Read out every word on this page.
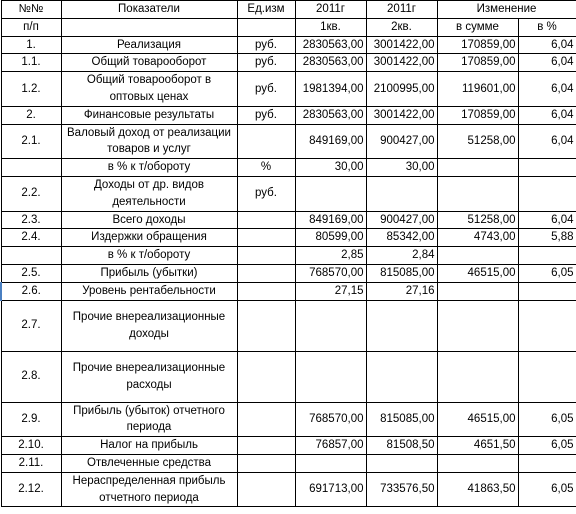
№№	Показатели	Ед.изм	2011г	2011г	Изменение	
п/п			1кв.	2кв.	в сумме	в %
1.	Реализация	руб.	2830563,00	3001422,00	170859,00	6,04
1.1.	Общий товарооборот	руб.	2830563,00	3001422,00	170859,00	6,04
1.2.	Общий товарооборот в оптовых ценах	руб.	1981394,00	2100995,00	119601,00	6,04
2.	Финансовые результаты	руб.	2830563,00	3001422,00	170859,00	6,04
2.1.	Валовый доход от реализации товаров и услуг		849169,00	900427,00	51258,00	6,04
	в % к т/обороту	%	30,00	30,00		
2.2.	Доходы от др. видов деятельности	руб.				
2.3.	Всего доходы		849169,00	900427,00	51258,00	6,04
2.4.	Издержки обращения		80599,00	85342,00	4743,00	5,88
	в % к т/обороту		2,85	2,84		
2.5.	Прибыль (убытки)		768570,00	815085,00	46515,00	6,05
2.6.	Уровень рентабельности		27,15	27,16		
2.7.	Прочие внереализационные доходы					
2.8.	Прочие внереализационные расходы					
2.9.	Прибыль (убыток) отчетного периода		768570,00	815085,00	46515,00	6,05
2.10.	Налог на прибыль		76857,00	81508,50	4651,50	6,05
2.11.	Отвлеченные средства					
2.12.	Нераспределенная прибыль отчетного периода		691713,00	733576,50	41863,50	6,05
